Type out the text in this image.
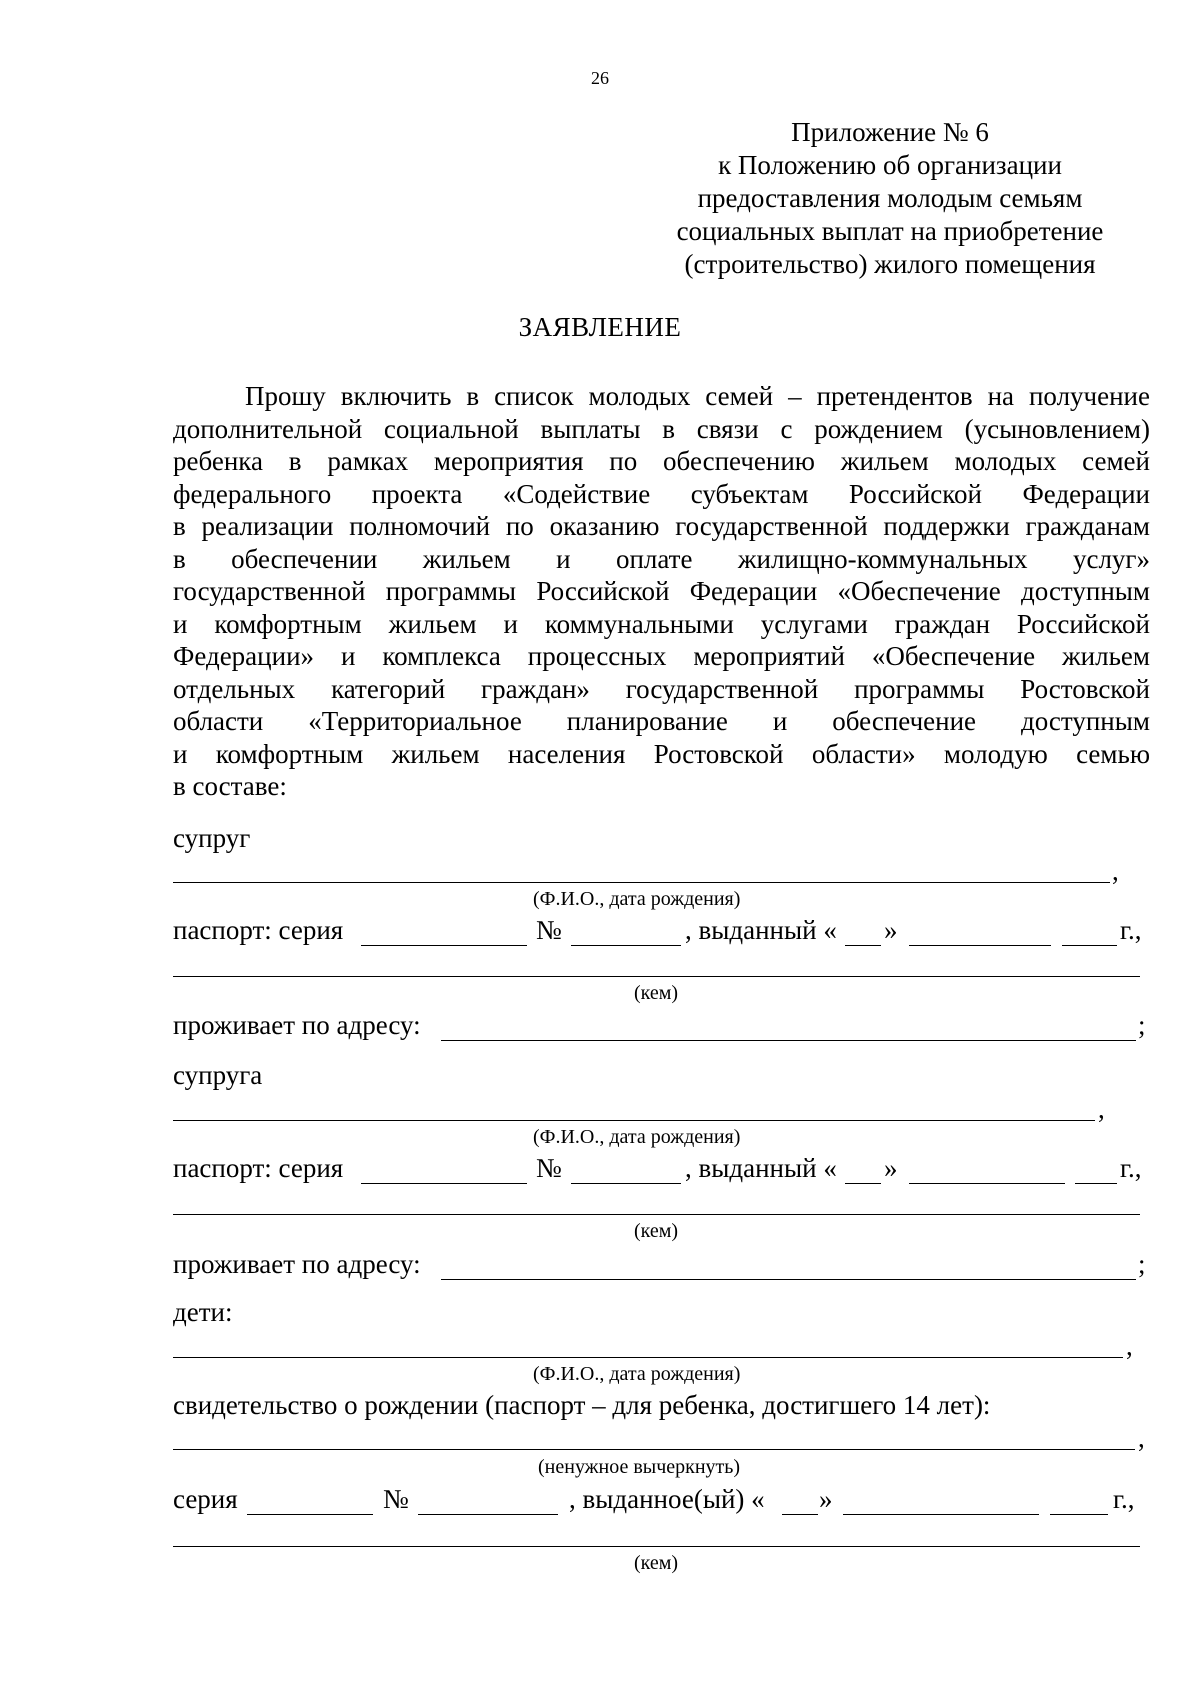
26
Приложение № 6
к Положению об организации
предоставления молодым семьям
социальных выплат на приобретение
(строительство) жилого помещения
ЗАЯВЛЕНИЕ
Прошу включить в список молодых семей – претендентов на получение
дополнительной социальной выплаты в связи с рождением (усыновлением)
ребенка в рамках мероприятия по обеспечению жильем молодых семей
федерального проекта «Содействие субъектам Российской Федерации
в реализации полномочий по оказанию государственной поддержки гражданам
в обеспечении жильем и оплате жилищно-коммунальных услуг»
государственной программы Российской Федерации «Обеспечение доступным
и комфортным жильем и коммунальными услугами граждан Российской
Федерации» и комплекса процессных мероприятий «Обеспечение жильем
отдельных категорий граждан» государственной программы Ростовской
области «Территориальное планирование и обеспечение доступным
и комфортным жильем населения Ростовской области» молодую семью
в составе:
супруг
,
(Ф.И.О., дата рождения)
паспорт: серия	№	, выданный « »	г.,
(кем)
проживает по адресу:	;
супруга
,
(Ф.И.О., дата рождения)
паспорт: серия	№	, выданный « »	г.,
(кем)
проживает по адресу:	;
дети:
,
(Ф.И.О., дата рождения)
свидетельство о рождении (паспорт – для ребенка, достигшего 14 лет):
,
(ненужное вычеркнуть)
серия	№	, выданное(ый) « »	г.,
(кем)
